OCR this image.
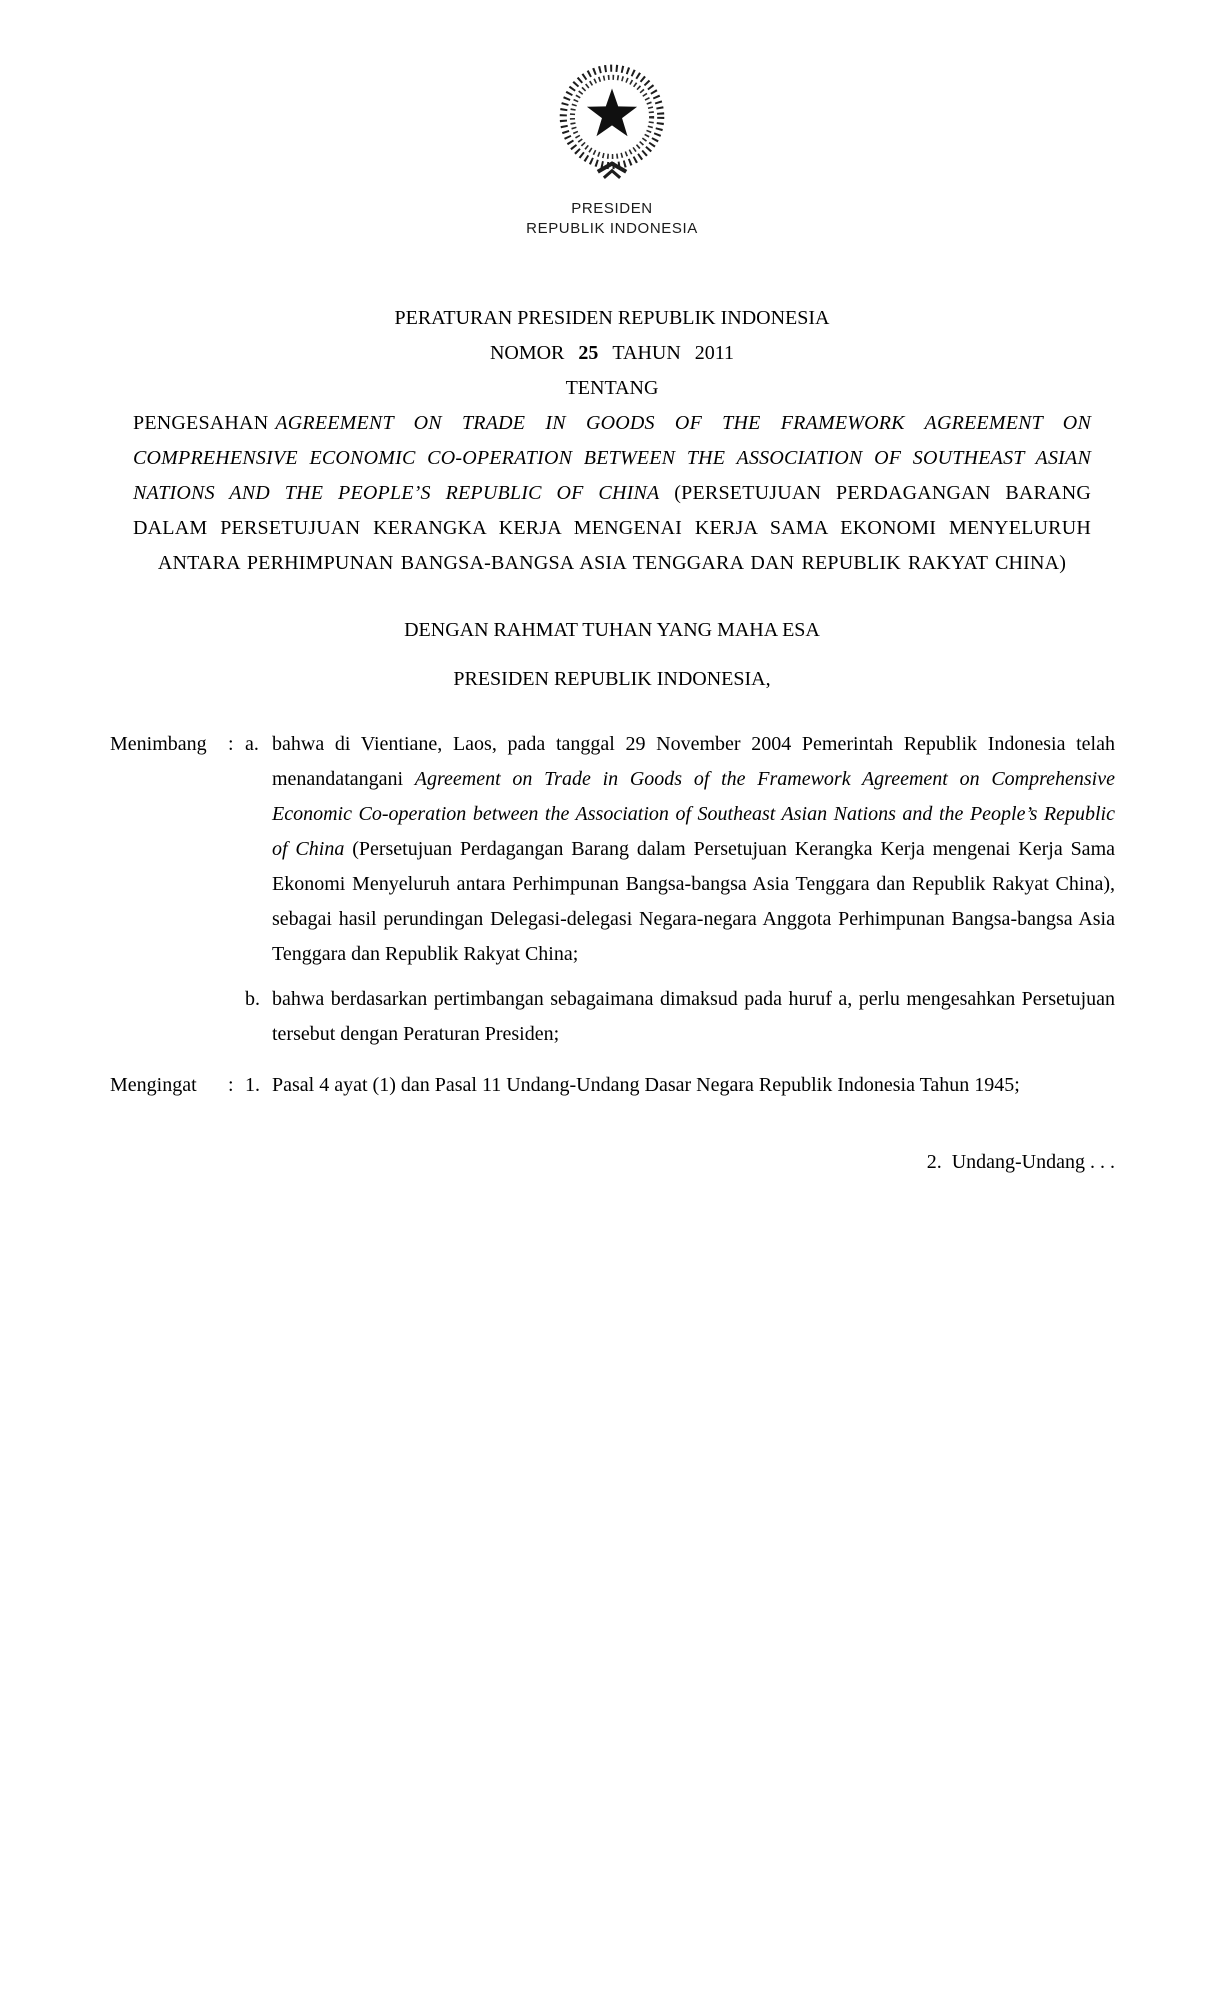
PRESIDEN
REPUBLIK INDONESIA
PERATURAN PRESIDEN REPUBLIK INDONESIA
NOMOR 25 TAHUN 2011
TENTANG

PENGESAHAN AGREEMENT ON TRADE IN GOODS OF THE FRAMEWORK AGREEMENT ON COMPREHENSIVE ECONOMIC CO-OPERATION BETWEEN THE ASSOCIATION OF SOUTHEAST ASIAN NATIONS AND THE PEOPLE’S REPUBLIC OF CHINA (PERSETUJUAN PERDAGANGAN BARANG DALAM PERSETUJUAN KERANGKA KERJA MENGENAI KERJA SAMA EKONOMI MENYELURUH ANTARA PERHIMPUNAN BANGSA-BANGSA ASIA TENGGARA DAN REPUBLIK RAKYAT CHINA)

DENGAN RAHMAT TUHAN YANG MAHA ESA
PRESIDEN REPUBLIK INDONESIA,
Menimbang	: a. bahwa di Vientiane, Laos, pada tanggal 29 November 2004 Pemerintah Republik Indonesia telah menandatangani Agreement on Trade in Goods of the Framework Agreement on Comprehensive Economic Co-operation between the Association of Southeast Asian Nations and the People’s Republic of China (Persetujuan Perdagangan Barang dalam Persetujuan Kerangka Kerja mengenai Kerja Sama Ekonomi Menyeluruh antara Perhimpunan Bangsa-bangsa Asia Tenggara dan Republik Rakyat China), sebagai hasil perundingan Delegasi-delegasi Negara-negara Anggota Perhimpunan Bangsa-bangsa Asia Tenggara dan Republik Rakyat China;
b. bahwa berdasarkan pertimbangan sebagaimana dimaksud pada huruf a, perlu mengesahkan Persetujuan tersebut dengan Peraturan Presiden;
Mengingat	: 1. Pasal 4 ayat (1) dan Pasal 11 Undang-Undang Dasar Negara Republik Indonesia Tahun 1945;
2.  Undang-Undang . . .
